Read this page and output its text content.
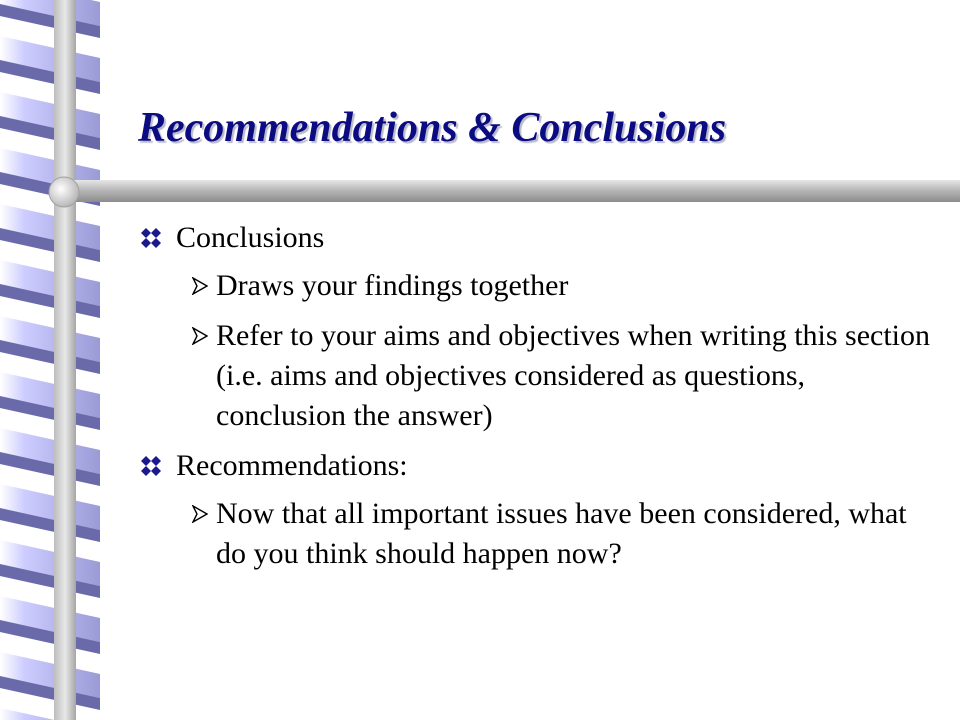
Recommendations & Conclusions
Conclusions
Draws your findings together
Refer to your aims and objectives when writing this section (i.e. aims and objectives considered as questions, conclusion the answer)
Recommendations:
Now that all important issues have been considered, what do you think should happen now?
